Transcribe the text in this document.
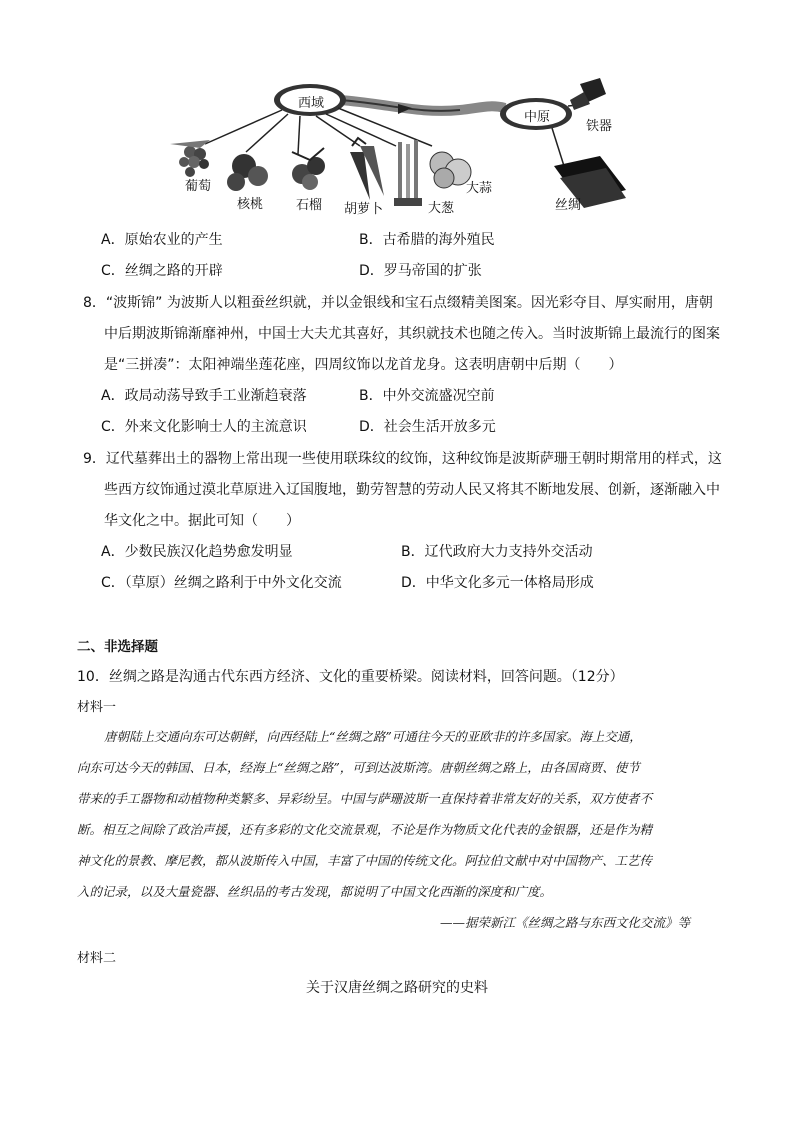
西域
中原
葡萄
核桃	石榴 胡萝卜	大葱
大蒜
铁器
丝绸
A．原始农业的产生	B．古希腊的海外殖民
C．丝绸之路的开辟	D．罗马帝国的扩张
8．“波斯锦” 为波斯人以粗蚕丝织就，并以金银线和宝石点缀精美图案。因光彩夺目、厚实耐用，唐朝
中后期波斯锦渐靡神州，中国士大夫尤其喜好，其织就技术也随之传入。当时波斯锦上最流行的图案
是“三拼凑”：太阳神端坐莲花座，四周纹饰以龙首龙身。这表明唐朝中后期（　　）
A．政局动荡导致手工业渐趋衰落	B．中外交流盛况空前
C．外来文化影响士人的主流意识	D．社会生活开放多元
9．辽代墓葬出土的器物上常出现一些使用联珠纹的纹饰，这种纹饰是波斯萨珊王朝时期常用的样式，这
些西方纹饰通过漠北草原进入辽国腹地，勤劳智慧的劳动人民又将其不断地发展、创新，逐渐融入中
华文化之中。据此可知（　　）
A．少数民族汉化趋势愈发明显	B．辽代政府大力支持外交活动
C．（草原）丝绸之路利于中外文化交流	D．中华文化多元一体格局形成
二、非选择题
10．丝绸之路是沟通古代东西方经济、文化的重要桥梁。阅读材料，回答问题。（12分）
材料一
唐朝陆上交通向东可达朝鲜，向西经陆上“丝绸之路”可通往今天的亚欧非的许多国家。海上交通，
向东可达今天的韩国、日本，经海上“丝绸之路”，可到达波斯湾。唐朝丝绸之路上，由各国商贾、使节
带来的手工器物和动植物种类繁多、异彩纷呈。中国与萨珊波斯一直保持着非常友好的关系，双方使者不
断。相互之间除了政治声援，还有多彩的文化交流景观，不论是作为物质文化代表的金银器，还是作为精
神文化的景教、摩尼教，都从波斯传入中国，丰富了中国的传统文化。阿拉伯文献中对中国物产、工艺传
入的记录，以及大量瓷器、丝织品的考古发现，都说明了中国文化西渐的深度和广度。
——据荣新江《丝绸之路与东西文化交流》等
材料二
关于汉唐丝绸之路研究的史料
